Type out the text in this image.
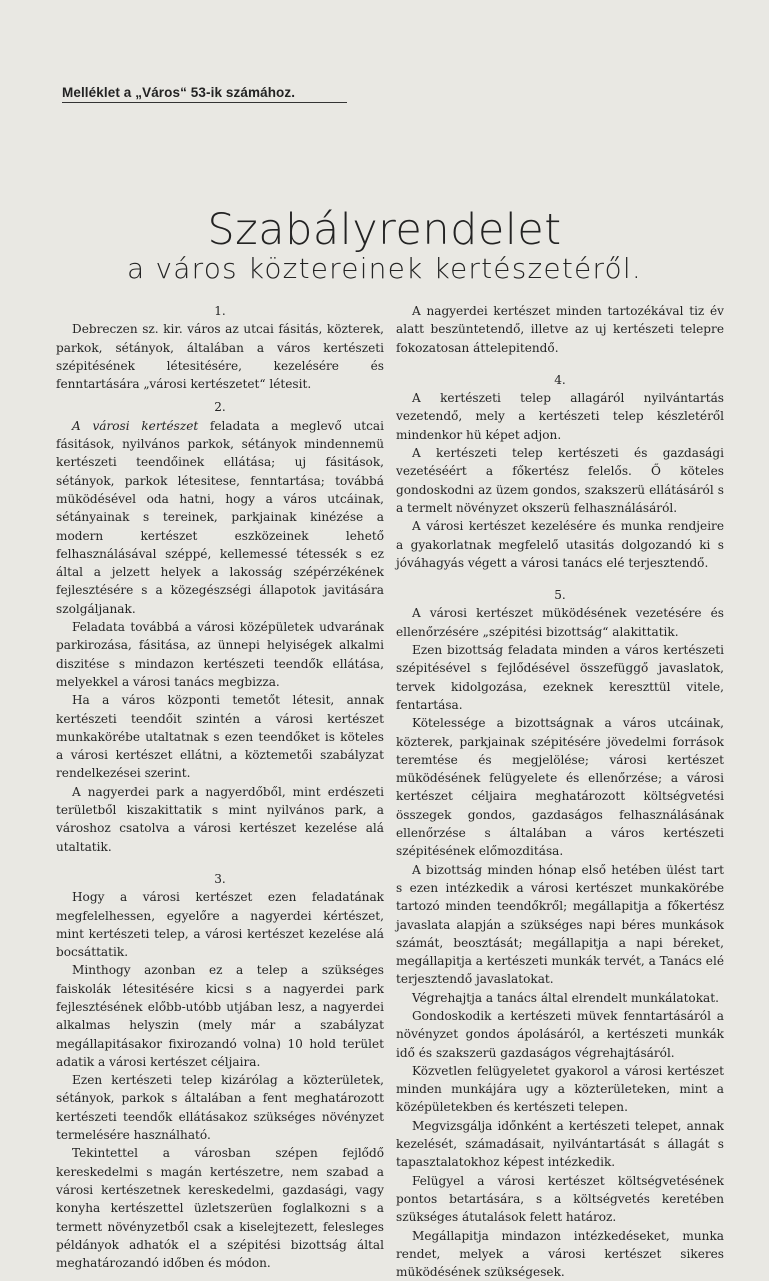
Melléklet a „Város“ 53-ik számához.
Szabályrendelet
a város köztereinek kertészetéről.
1.

Debreczen sz. kir. város az utcai fásitás, közterek, parkok, sétányok, általában a város kertészeti szépitésének létesitésére, kezelésére és fenntartására „városi kertészetet“ létesit.

2.

A városi kertészet feladata a meglevő utcai fásitások, nyilvános parkok, sétányok mindennemü kertészeti teendőinek ellátása; uj fásitások, sétányok, parkok létesitese, fenntartása; továbbá müködésével oda hatni, hogy a város utcáinak, sétányainak s tereinek, parkjainak kinézése a modern kertészet eszközeinek lehető felhasználásával széppé, kellemessé tétessék s ez által a jelzett helyek a lakosság szépérzékének fejlesztésére s a közegészségi állapotok javitására szolgáljanak.

Feladata továbbá a városi középületek udvarának parkirozása, fásitása, az ünnepi helyiségek alkalmi diszitése s mindazon kertészeti teendők ellátása, melyekkel a városi tanács megbizza.

Ha a város központi temetőt létesit, annak kertészeti teendőit szintén a városi kertészet munkakörébe utaltatnak s ezen teendőket is köteles a városi kertészet ellátni, a köztemetői szabályzat rendelkezései szerint.

A nagyerdei park a nagyerdőből, mint erdészeti területből kiszakittatik s mint nyilvános park, a városhoz csatolva a városi kertészet kezelése alá utaltatik.

3.

Hogy a városi kertészet ezen feladatának megfelelhessen, egyelőre a nagyerdei kértészet, mint kertészeti telep, a városi kertészet kezelése alá bocsáttatik.

Minthogy azonban ez a telep a szükséges faiskolák létesitésére kicsi s a nagyerdei park fejlesztésének előbb-utóbb utjában lesz, a nagyerdei alkalmas helyszin (mely már a szabályzat megállapitásakor fixirozandó volna) 10 hold terület adatik a városi kertészet céljaira.

Ezen kertészeti telep kizárólag a közterületek, sétányok, parkok s általában a fent meghatározott kertészeti teendők ellátásakoz szükséges növényzet termelésére használható.

Tekintettel a városban szépen fejlődő kereskedelmi s magán kertészetre, nem szabad a városi kertészetnek kereskedelmi, gazdasági, vagy konyha kertészettel üzletszerüen foglalkozni s a termett növényzetből csak a kiselejtezett, felesleges példányok adhatók el a szépitési bizottság által meghatározandó időben és módon.

A nagyerdei kertészet minden tartozékával tiz év alatt beszüntetendő, illetve az uj kertészeti telepre fokozatosan áttelepitendő.

4.

A kertészeti telep allagáról nyilvántartás vezetendő, mely a kertészeti telep készletéről mindenkor hü képet adjon.

A kertészeti telep kertészeti és gazdasági vezetéséért a főkertész felelős. Ő köteles gondoskodni az üzem gondos, szakszerü ellátásáról s a termelt növényzet okszerü felhasználásáról.

A városi kertészet kezelésére és munka rendjeire a gyakorlatnak megfelelő utasitás dolgozandó ki s jóváhagyás végett a városi tanács elé terjesztendő.

5.

A városi kertészet müködésének vezetésére és ellenőrzésére „szépitési bizottság“ alakittatik.

Ezen bizottság feladata minden a város kertészeti szépitésével s fejlődésével összefüggő javaslatok, tervek kidolgozása, ezeknek kereszttül vitele, fentartása.

Kötelessége a bizottságnak a város utcáinak, közterek, parkjainak szépitésére jövedelmi források teremtése és megjelölése; városi kertészet müködésének felügyelete és ellenőrzése; a városi kertészet céljaira meghatározott költségvetési összegek gondos, gazdaságos felhasználásának ellenőrzése s általában a város kertészeti szépitésének előmozditása.

A bizottság minden hónap első hetében ülést tart s ezen intézkedik a városi kertészet munkakörébe tartozó minden teendőkről; megállapitja a főkertész javaslata alapján a szükséges napi béres munkások számát, beosztását; megállapitja a napi béreket, megállapitja a kertészeti munkák tervét, a Tanács elé terjesztendő javaslatokat.

Végrehajtja a tanács által elrendelt munkálatokat.

Gondoskodik a kertészeti müvek fenntartásáról a növényzet gondos ápolásáról, a kertészeti munkák idő és szakszerü gazdaságos végrehajtásáról.

Közvetlen felügyeletet gyakorol a városi kertészet minden munkájára ugy a közterületeken, mint a középületekben és kertészeti telepen.

Megvizsgálja időnként a kertészeti telepet, annak kezelését, számadásait, nyilvántartását s állagát s tapasztalatokhoz képest intézkedik.

Felügyel a városi kertészet költségvetésének pontos betartására, s a költségvetés keretében szükséges átutalások felett határoz.

Megállapitja mindazon intézkedéseket, munka rendet, melyek a városi kertészet sikeres müködésének szükségesek.
